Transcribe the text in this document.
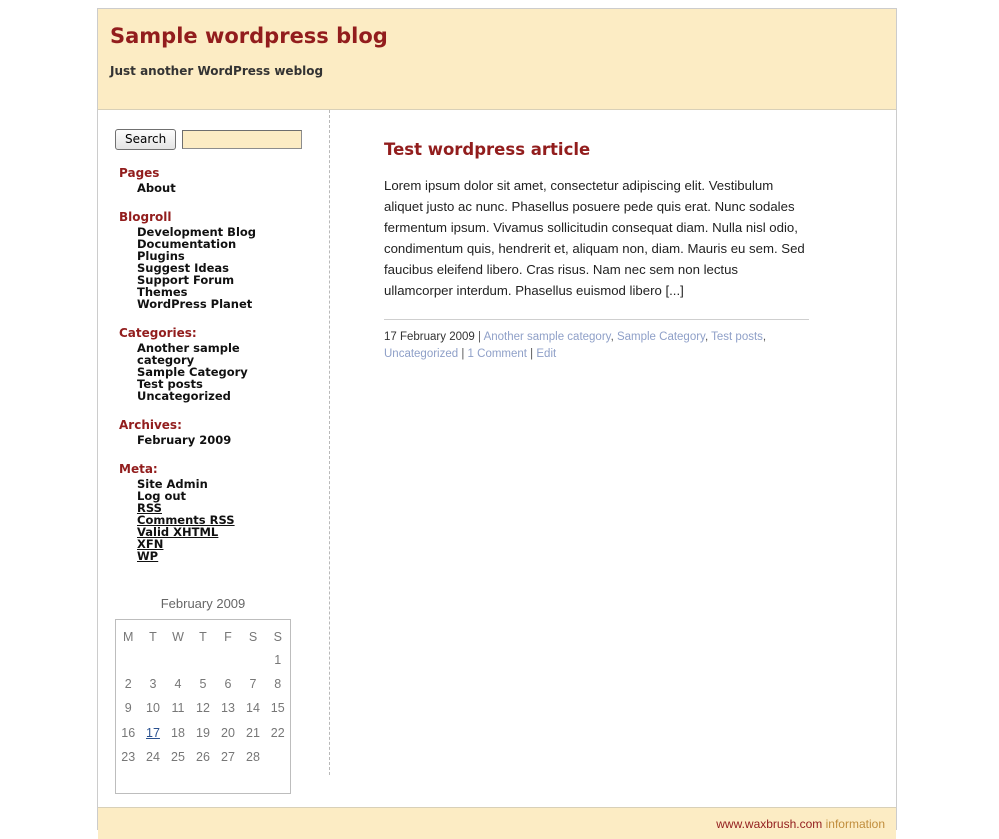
Sample wordpress blog
Just another WordPress weblog
Search
Pages
About
Blogroll
Development Blog
Documentation
Plugins
Suggest Ideas
Support Forum
Themes
WordPress Planet
Categories:
Another sample
category
Sample Category
Test posts
Uncategorized
Archives:
February 2009
Meta:
Site Admin
Log out
RSS
Comments RSS
Valid XHTML
XFN
WP
February 2009
M	T	W	T	F	S	S
						1
2	3	4	5	6	7	8
9	10	11	12	13	14	15
16	17	18	19	20	21	22
23	24	25	26	27	28	

Test wordpress article

Lorem ipsum dolor sit amet, consectetur adipiscing elit. Vestibulum aliquet justo ac nunc. Phasellus posuere pede quis erat. Nunc sodales fermentum ipsum. Vivamus sollicitudin consequat diam. Nulla nisl odio, condimentum quis, hendrerit et, aliquam non, diam. Mauris eu sem. Sed faucibus eleifend libero. Cras risus. Nam nec sem non lectus ullamcorper interdum. Phasellus euismod libero [...]

17 February 2009 | Another sample category, Sample Category, Test posts, Uncategorized | 1 Comment | Edit
www.waxbrush.com information
